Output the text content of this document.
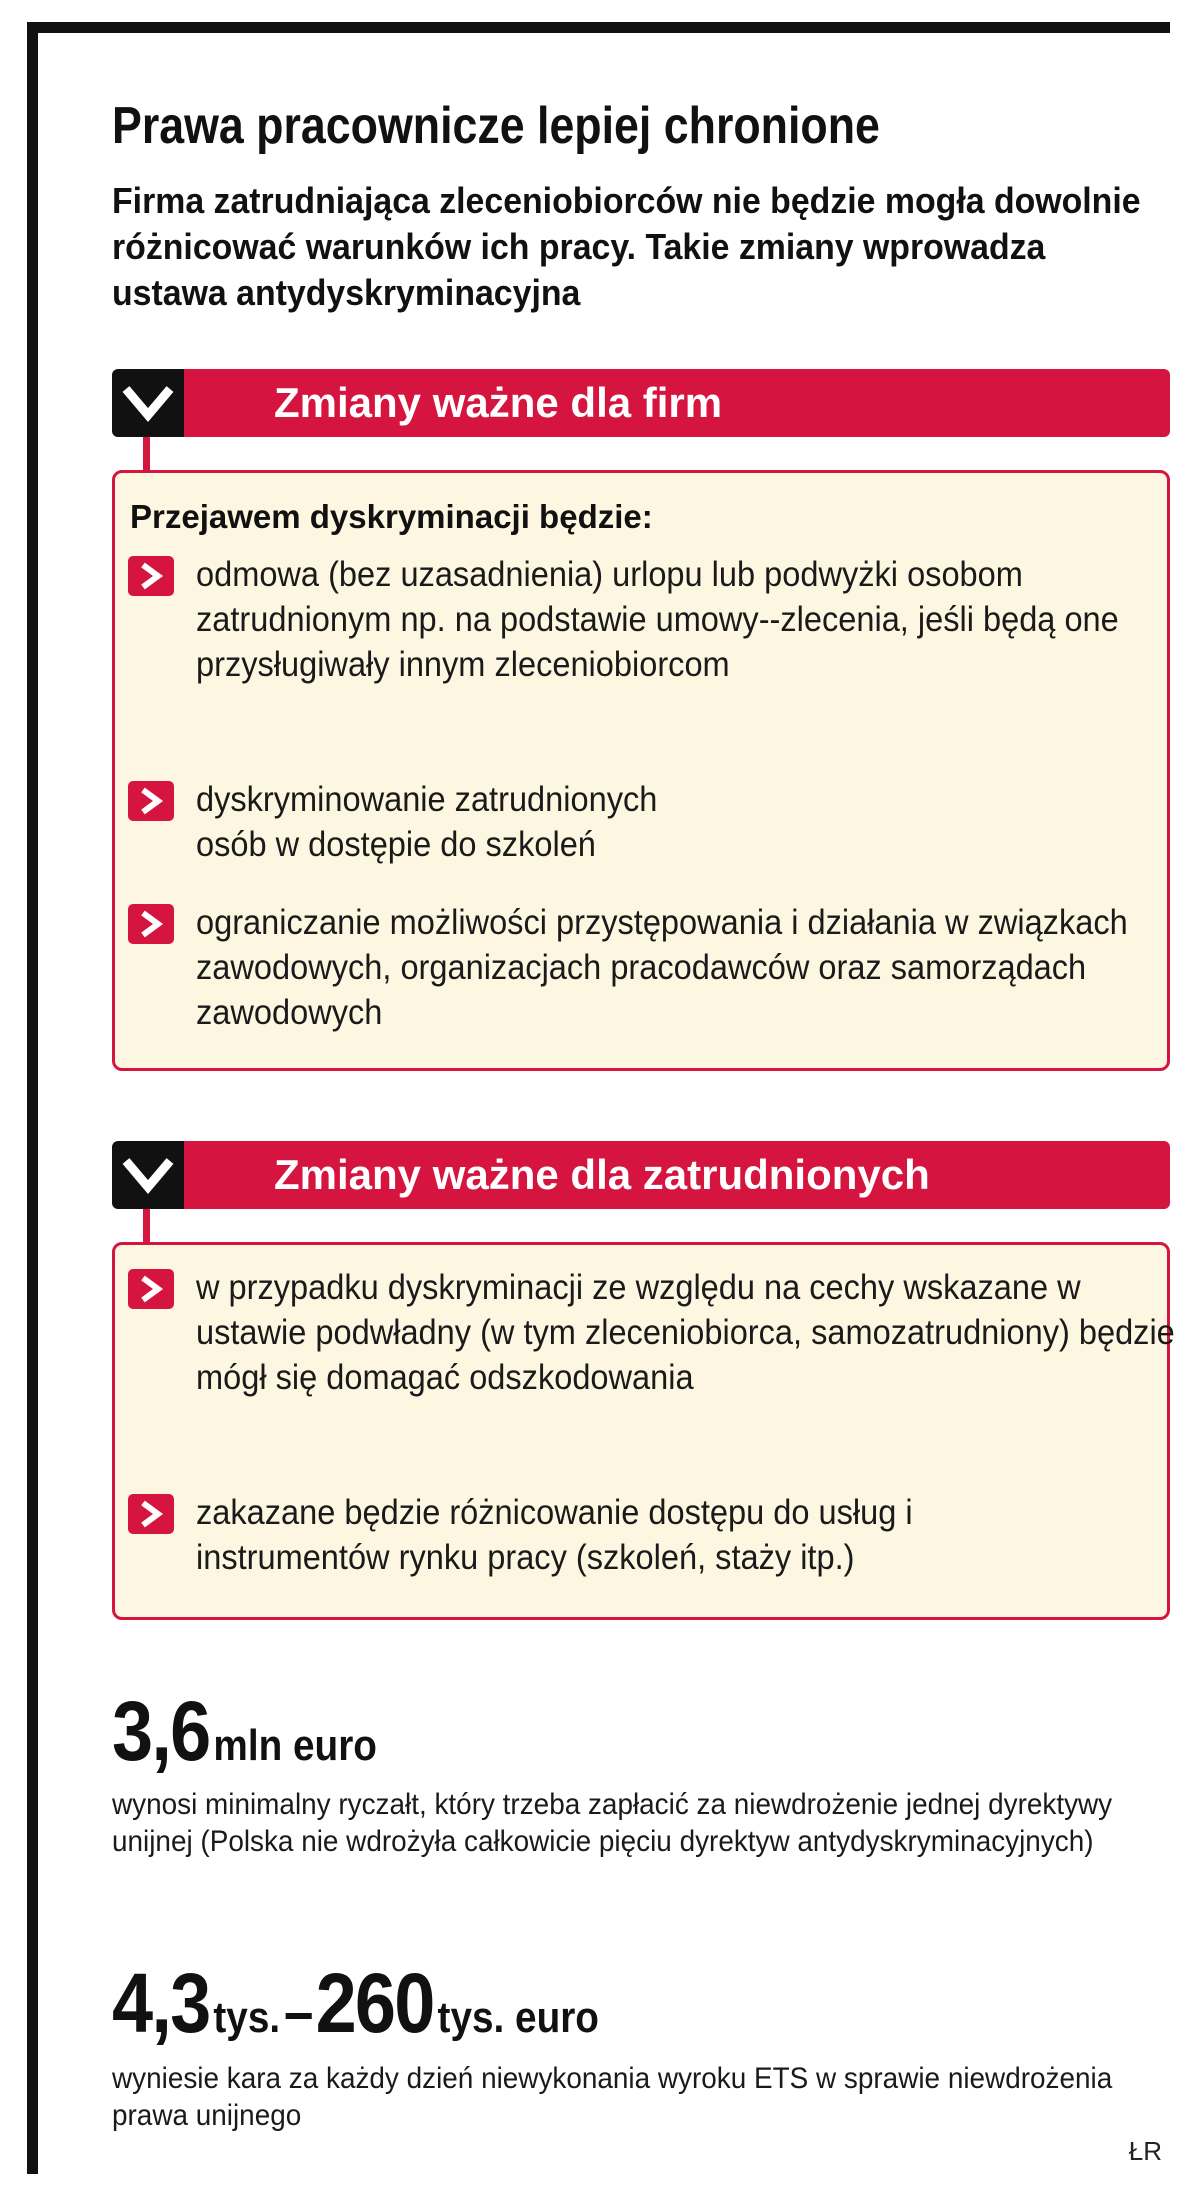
Prawa pracownicze lepiej chronione
Firma zatrudniająca zleceniobiorców nie będzie mogła dowolnie różnicować warunków ich pracy. Takie zmiany wprowadza ustawa antydyskryminacyjna
Zmiany ważne dla firm
Przejawem dyskryminacji będzie:
odmowa (bez uzasadnienia) urlopu lub podwyżki osobom zatrudnionym np. na podstawie umowy--zlecenia, jeśli będą one przysługiwały innym zleceniobiorcom
dyskryminowanie zatrudnionych osób w dostępie do szkoleń
ograniczanie możliwości przystępowania i działania w związkach zawodowych, organizacjach pracodawców oraz samorządach zawodowych
Zmiany ważne dla zatrudnionych
w przypadku dyskryminacji ze względu na cechy wskazane w ustawie podwładny (w tym zleceniobiorca, samozatrudniony) będzie mógł się domagać odszkodowania
zakazane będzie różnicowanie dostępu do usług i instrumentów rynku pracy (szkoleń, staży itp.)
3,6 mln euro
wynosi minimalny ryczałt, który trzeba zapłacić za niewdrożenie jednej dyrektywy unijnej (Polska nie wdrożyła całkowicie pięciu dyrektyw antydyskryminacyjnych)
4,3 tys. – 260 tys. euro
wyniesie kara za każdy dzień niewykonania wyroku ETS w sprawie niewdrożenia prawa unijnego
ŁR
